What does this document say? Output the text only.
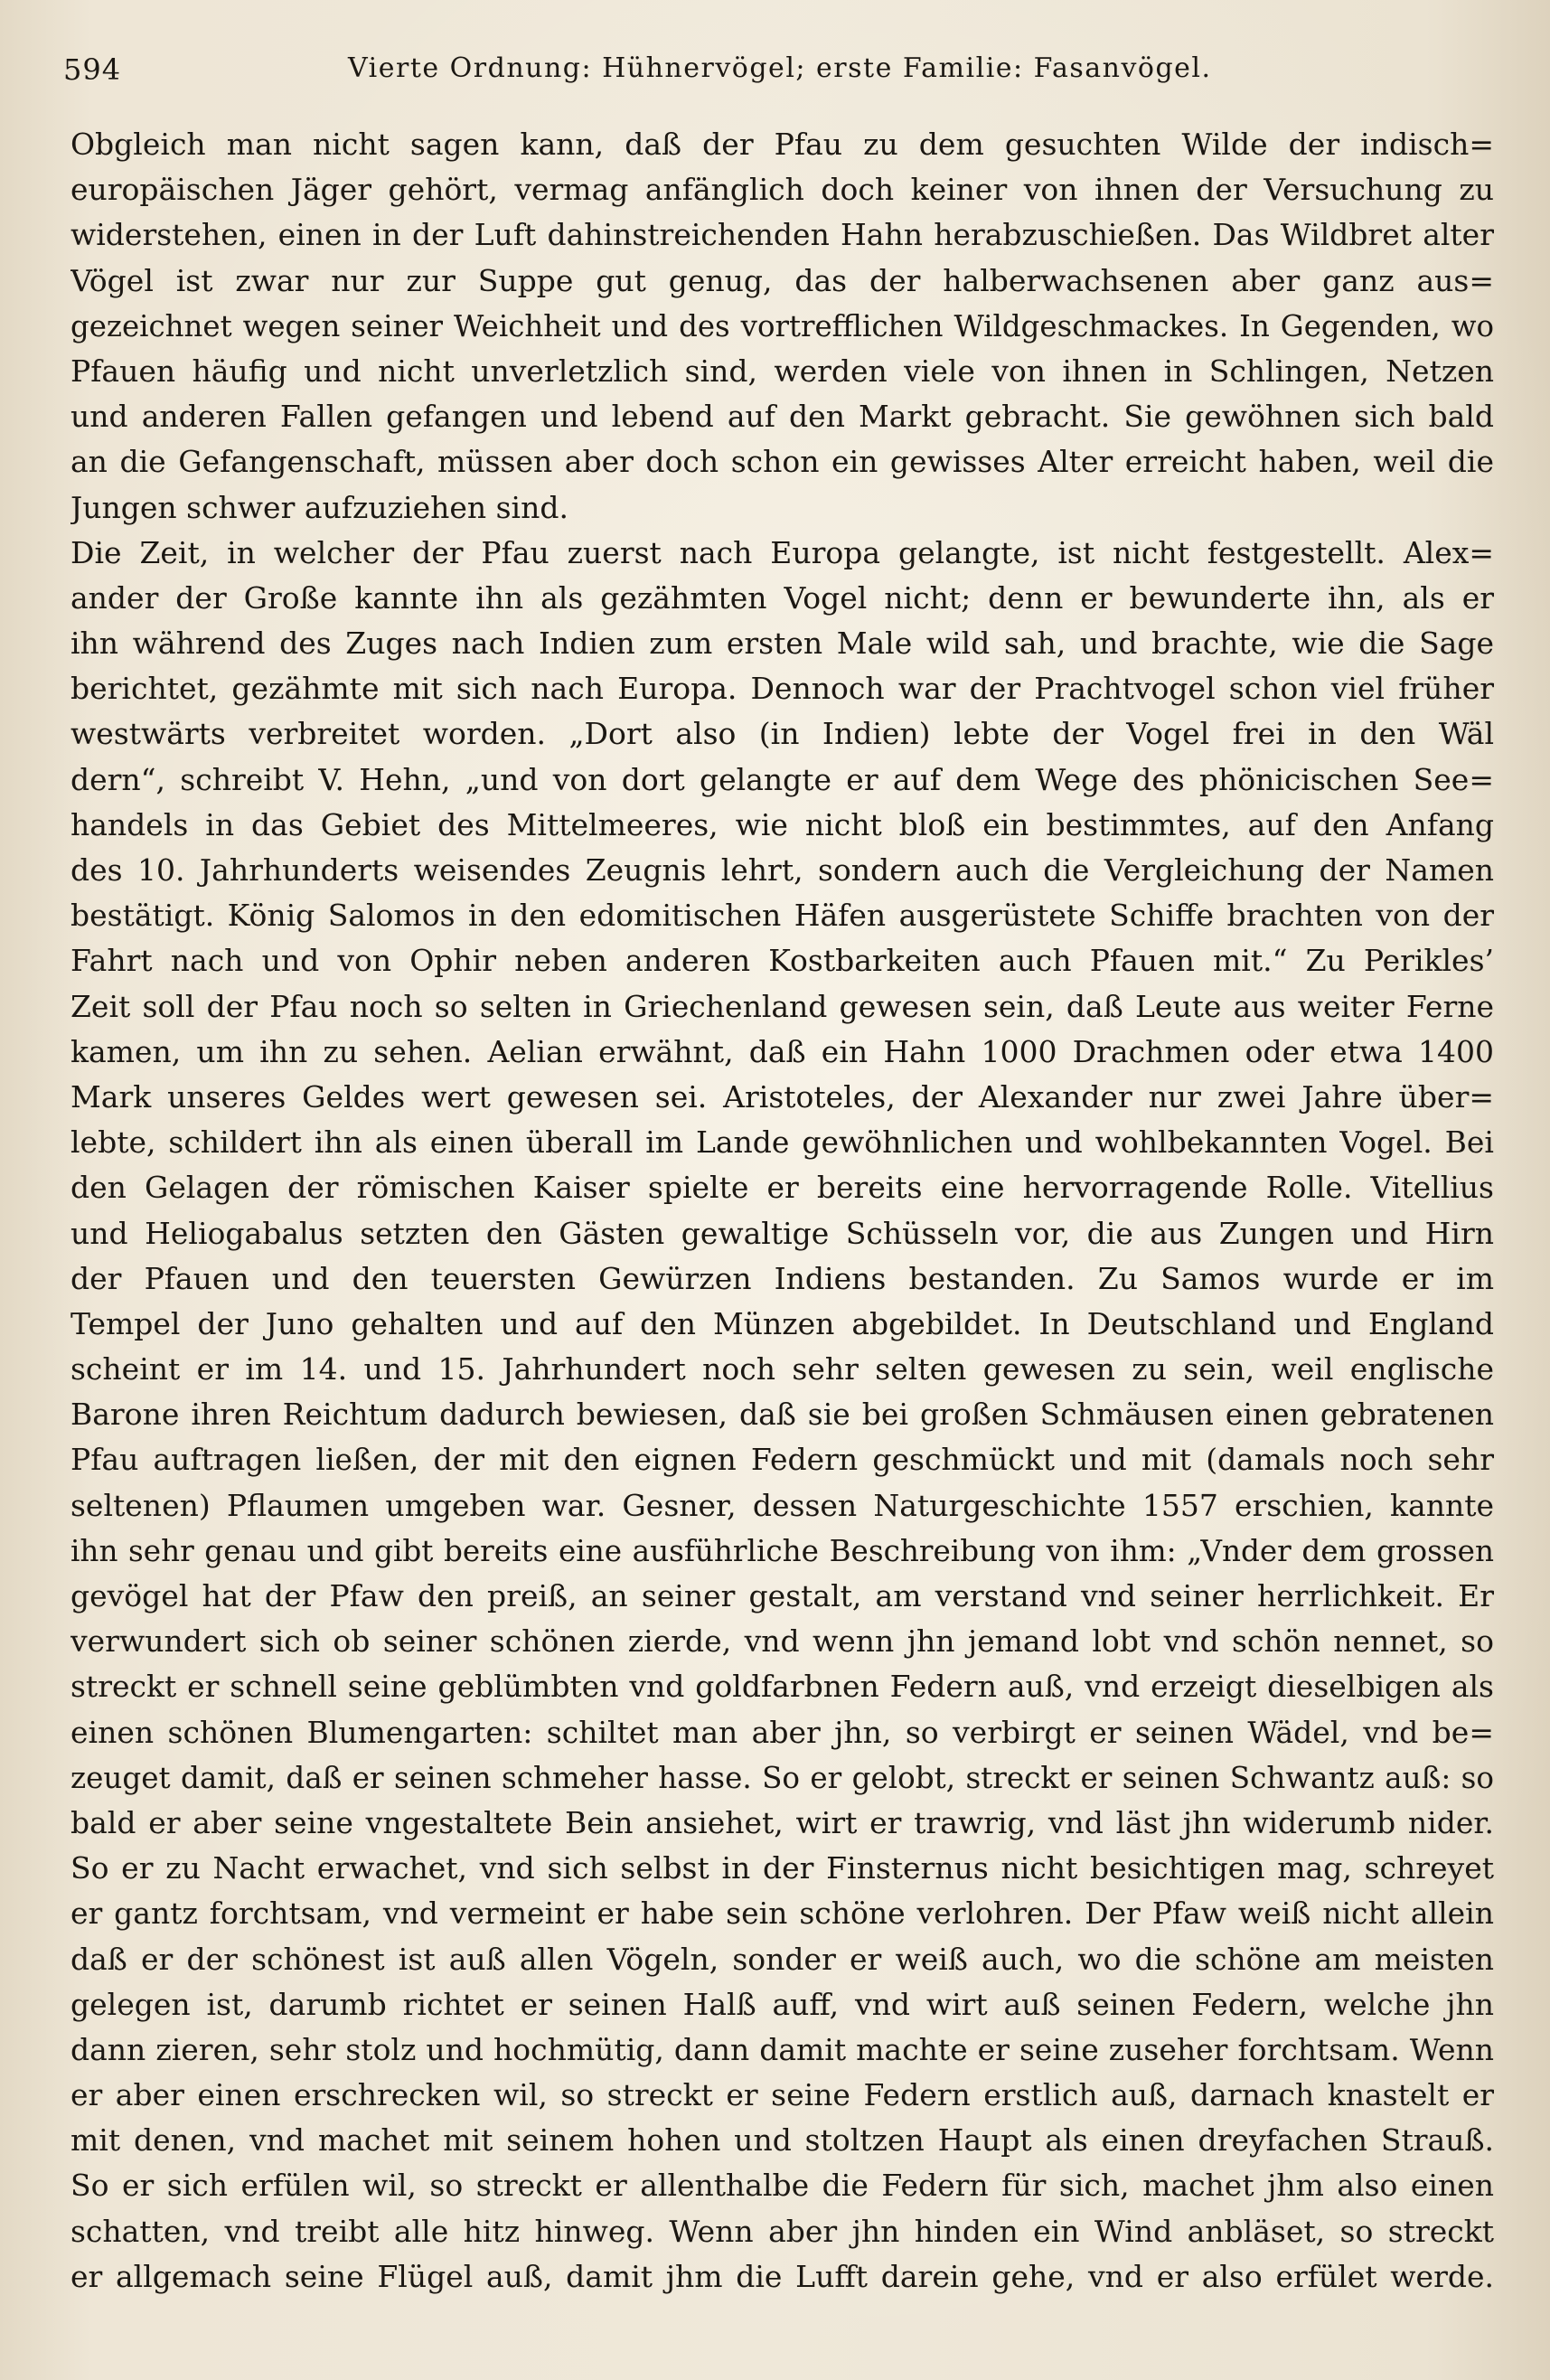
594	Vierte Ordnung: Hühnervögel; erste Familie: Fasanvögel.
Obgleich man nicht sagen kann, daß der Pfau zu dem gesuchten Wilde der indisch=
europäischen Jäger gehört, vermag anfänglich doch keiner von ihnen der Versuchung zu
widerstehen, einen in der Luft dahinstreichenden Hahn herabzuschießen. Das Wildbret alter
Vögel ist zwar nur zur Suppe gut genug, das der halberwachsenen aber ganz aus=
gezeichnet wegen seiner Weichheit und des vortrefflichen Wildgeschmackes. In Gegenden, wo
Pfauen häufig und nicht unverletzlich sind, werden viele von ihnen in Schlingen, Netzen
und anderen Fallen gefangen und lebend auf den Markt gebracht. Sie gewöhnen sich bald
an die Gefangenschaft, müssen aber doch schon ein gewisses Alter erreicht haben, weil die
Jungen schwer aufzuziehen sind.
Die Zeit, in welcher der Pfau zuerst nach Europa gelangte, ist nicht festgestellt. Alex=
ander der Große kannte ihn als gezähmten Vogel nicht; denn er bewunderte ihn, als er
ihn während des Zuges nach Indien zum ersten Male wild sah, und brachte, wie die Sage
berichtet, gezähmte mit sich nach Europa. Dennoch war der Prachtvogel schon viel früher
westwärts verbreitet worden. „Dort also (in Indien) lebte der Vogel frei in den Wäl
dern“, schreibt V. Hehn, „und von dort gelangte er auf dem Wege des phönicischen See=
handels in das Gebiet des Mittelmeeres, wie nicht bloß ein bestimmtes, auf den Anfang
des 10. Jahrhunderts weisendes Zeugnis lehrt, sondern auch die Vergleichung der Namen
bestätigt. König Salomos in den edomitischen Häfen ausgerüstete Schiffe brachten von der
Fahrt nach und von Ophir neben anderen Kostbarkeiten auch Pfauen mit.“ Zu Perikles’
Zeit soll der Pfau noch so selten in Griechenland gewesen sein, daß Leute aus weiter Ferne
kamen, um ihn zu sehen. Aelian erwähnt, daß ein Hahn 1000 Drachmen oder etwa 1400
Mark unseres Geldes wert gewesen sei. Aristoteles, der Alexander nur zwei Jahre über=
lebte, schildert ihn als einen überall im Lande gewöhnlichen und wohlbekannten Vogel. Bei
den Gelagen der römischen Kaiser spielte er bereits eine hervorragende Rolle. Vitellius
und Heliogabalus setzten den Gästen gewaltige Schüsseln vor, die aus Zungen und Hirn
der Pfauen und den teuersten Gewürzen Indiens bestanden. Zu Samos wurde er im
Tempel der Juno gehalten und auf den Münzen abgebildet. In Deutschland und England
scheint er im 14. und 15. Jahrhundert noch sehr selten gewesen zu sein, weil englische
Barone ihren Reichtum dadurch bewiesen, daß sie bei großen Schmäusen einen gebratenen
Pfau auftragen ließen, der mit den eignen Federn geschmückt und mit (damals noch sehr
seltenen) Pflaumen umgeben war. Gesner, dessen Naturgeschichte 1557 erschien, kannte
ihn sehr genau und gibt bereits eine ausführliche Beschreibung von ihm: „Vnder dem grossen
gevögel hat der Pfaw den preiß, an seiner gestalt, am verstand vnd seiner herrlichkeit. Er
verwundert sich ob seiner schönen zierde, vnd wenn jhn jemand lobt vnd schön nennet, so
streckt er schnell seine geblümbten vnd goldfarbnen Federn auß, vnd erzeigt dieselbigen als
einen schönen Blumengarten: schiltet man aber jhn, so verbirgt er seinen Wädel, vnd be=
zeuget damit, daß er seinen schmeher hasse. So er gelobt, streckt er seinen Schwantz auß: so
bald er aber seine vngestaltete Bein ansiehet, wirt er trawrig, vnd läst jhn widerumb nider.
So er zu Nacht erwachet, vnd sich selbst in der Finsternus nicht besichtigen mag, schreyet
er gantz forchtsam, vnd vermeint er habe sein schöne verlohren. Der Pfaw weiß nicht allein
daß er der schönest ist auß allen Vögeln, sonder er weiß auch, wo die schöne am meisten
gelegen ist, darumb richtet er seinen Halß auff, vnd wirt auß seinen Federn, welche jhn
dann zieren, sehr stolz und hochmütig, dann damit machte er seine zuseher forchtsam. Wenn
er aber einen erschrecken wil, so streckt er seine Federn erstlich auß, darnach knastelt er
mit denen, vnd machet mit seinem hohen und stoltzen Haupt als einen dreyfachen Strauß.
So er sich erfülen wil, so streckt er allenthalbe die Federn für sich, machet jhm also einen
schatten, vnd treibt alle hitz hinweg. Wenn aber jhn hinden ein Wind anbläset, so streckt
er allgemach seine Flügel auß, damit jhm die Lufft darein gehe, vnd er also erfület werde.
